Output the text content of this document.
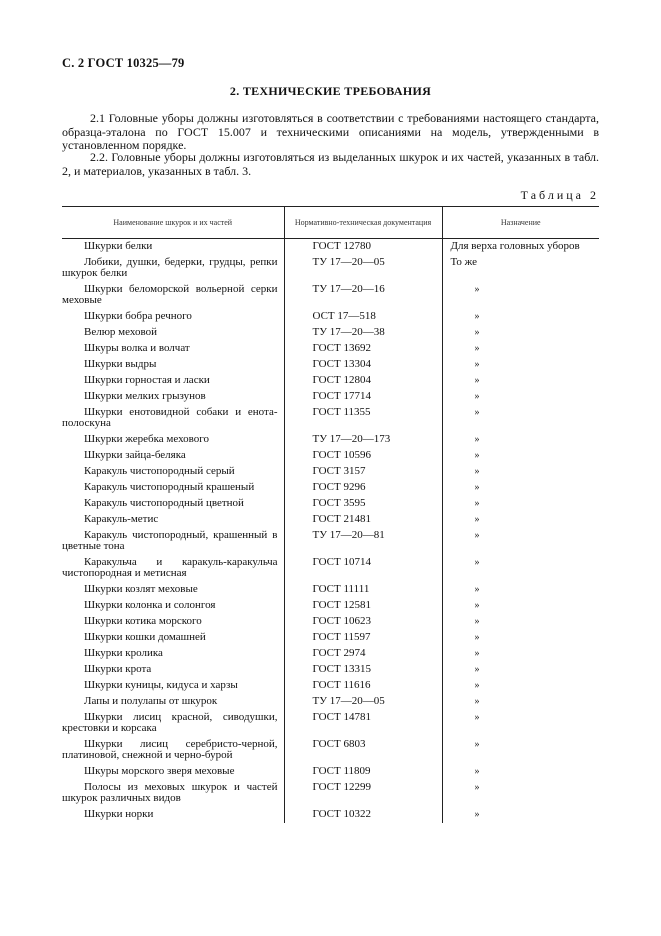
С. 2 ГОСТ 10325—79
2. ТЕХНИЧЕСКИЕ ТРЕБОВАНИЯ

2.1 Головные уборы должны изготовляться в соответствии с требованиями настоящего стандарта, образца-эталона по ГОСТ 15.007 и техническими описаниями на модель, утвержденными в установленном порядке.

2.2. Головные уборы должны изготовляться из выделанных шкурок и их частей, указанных в табл. 2, и материалов, указанных в табл. 3.

Таблица 2
Наименование шкурок и их частей	Нормативно-техническая документация	Назначение
Шкурки белки	ГОСТ 12780	Для верха головных уборов
Лобики, душки, бедерки, грудцы, репки шкурок белки	ТУ 17—20—05	То же
Шкурки беломорской вольерной серки меховые	ТУ 17—20—16	»
Шкурки бобра речного	ОСТ 17—518	»
Велюр меховой	ТУ 17—20—38	»
Шкуры волка и волчат	ГОСТ 13692	»
Шкурки выдры	ГОСТ 13304	»
Шкурки горностая и ласки	ГОСТ 12804	»
Шкурки мелких грызунов	ГОСТ 17714	»
Шкурки енотовидной собаки и енота-полоскуна	ГОСТ 11355	»
Шкурки жеребка мехового	ТУ 17—20—173	»
Шкурки зайца-беляка	ГОСТ 10596	»
Каракуль чистопородный серый	ГОСТ 3157	»
Каракуль чистопородный крашеный	ГОСТ 9296	»
Каракуль чистопородный цветной	ГОСТ 3595	»
Каракуль-метис	ГОСТ 21481	»
Каракуль чистопородный, крашенный в цветные тона	ТУ 17—20—81	»
Каракульча и каракуль-каракульча чистопородная и метисная	ГОСТ 10714	»
Шкурки козлят меховые	ГОСТ 11111	»
Шкурки колонка и солонгоя	ГОСТ 12581	»
Шкурки котика морского	ГОСТ 10623	»
Шкурки кошки домашней	ГОСТ 11597	»
Шкурки кролика	ГОСТ 2974	»
Шкурки крота	ГОСТ 13315	»
Шкурки куницы, кидуса и харзы	ГОСТ 11616	»
Лапы и полулапы от шкурок	ТУ 17—20—05	»
Шкурки лисиц красной, сиводушки, крестовки и корсака	ГОСТ 14781	»
Шкурки лисиц серебристо-черной, платиновой, снежной и черно-бурой	ГОСТ 6803	»
Шкуры морского зверя меховые	ГОСТ 11809	»
Полосы из меховых шкурок и частей шкурок различных видов	ГОСТ 12299	»
Шкурки норки	ГОСТ 10322	»
